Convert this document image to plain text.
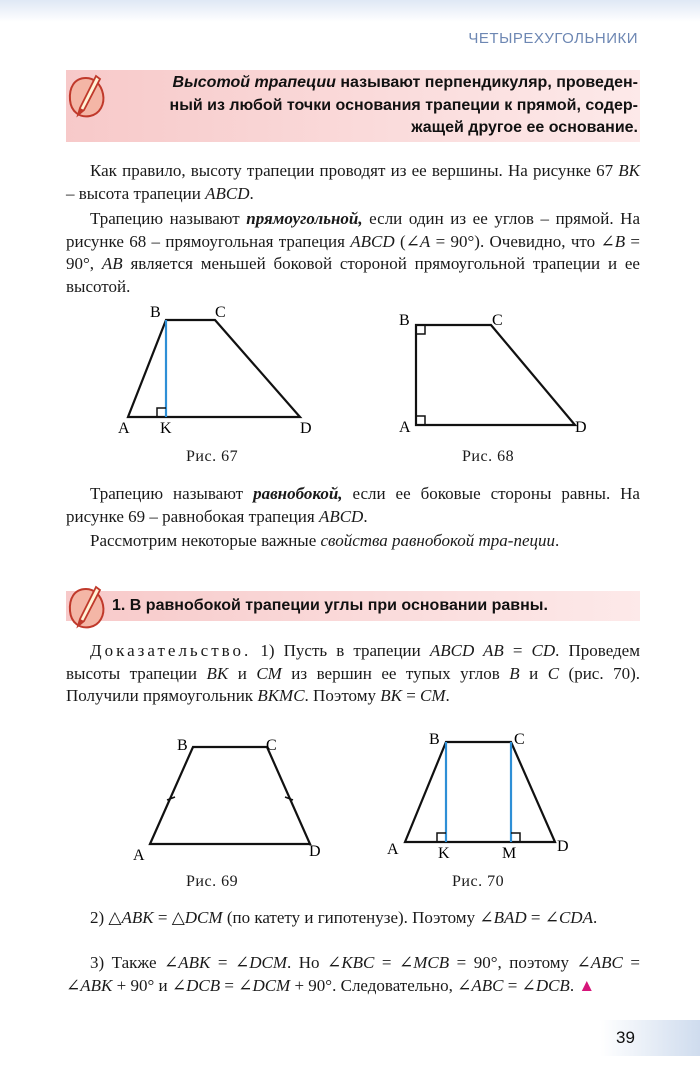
ЧЕТЫРЕХУГОЛЬНИКИ
Высотой трапеции называют перпендикуляр, проведен-
ный из любой точки основания трапеции к прямой, содер-
жащей другое ее основание.

Как правило, высоту трапеции проводят из ее вершины. На рисунке 67 BK – высота трапеции ABCD.

Трапецию называют прямоугольной, если один из ее углов – прямой. На рисунке 68 – прямоугольная трапеция ABCD (∠A = 90°). Очевидно, что ∠B = 90°, AB является меньшей боковой стороной прямоугольной трапеции и ее высотой.

B	C
A K	D
Рис. 67
B	C
A	D
Рис. 68

Трапецию называют равнобокой, если ее боковые стороны равны. На рисунке 69 – равнобокая трапеция ABCD.

Рассмотрим некоторые важные свойства равнобокой тра-пеции.

1. В равнобокой трапеции углы при основании равны.

Доказательство. 1) Пусть в трапеции ABCD AB = CD. Проведем высоты трапеции BK и CM из вершин ее тупых углов B и C (рис. 70). Получили прямоугольник BKMC. Поэтому BK = CM.

B	C
A	D
Рис. 69
B	C
A K	M	D
Рис. 70

2) △ABK = △DCM (по катету и гипотенузе). Поэтому ∠BAD = ∠CDA.

3) Также ∠ABK = ∠DCM. Но ∠KBC = ∠MCB = 90°, поэтому ∠ABC = ∠ABK + 90° и ∠DCB = ∠DCM + 90°. Следовательно, ∠ABC = ∠DCB. ▲

39
